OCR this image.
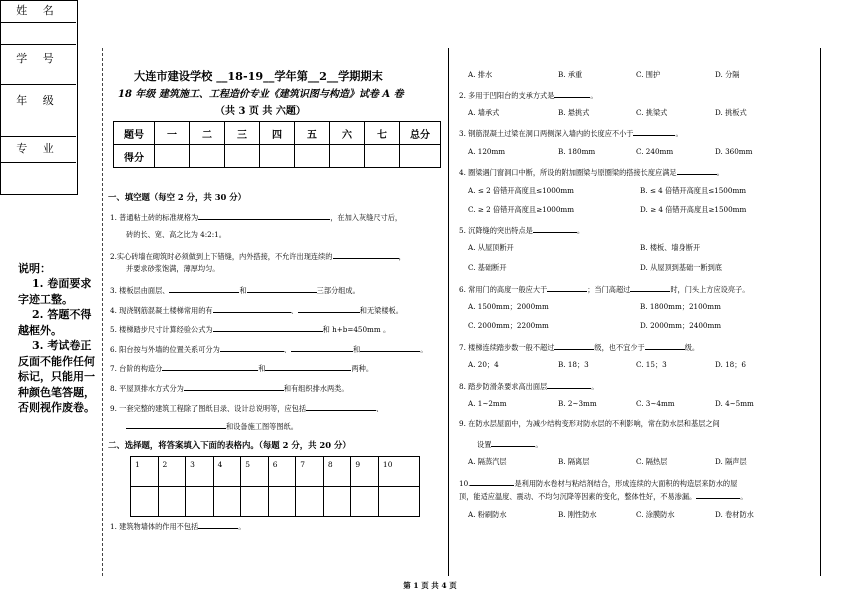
姓 名
学 号
年 级
专 业
说明：
1. 卷面要求字迹工整。
2. 答题不得越框外。
3. 考试卷正反面不能作任何标记，只能用一种颜色笔答题，否则视作废卷。
大连市建设学校 __18-19__学年第__2__学期期末
18 年级 建筑施工、工程造价专业《建筑识图与构造》试卷 A 卷
（共 3 页 共 六题）
题号	一	二	三	四	五	六	七	总分
得分								
一、填空题（每空 2 分，共 30 分）
1. 普通粘土砖的标准规格为	，在加入灰缝尺寸后，
砖的长、宽、高之比为 4:2:1。
2.实心砖墙在砌筑时必须做到上下错缝，内外搭接，不允许出现连续的	，
并要求砂浆饱满，薄厚均匀。
3. 楼板层由面层、	和	三部分组成。
4. 现浇钢筋混凝土楼梯常用的有	、	和无梁楼板。
5. 楼梯踏步尺寸计算经验公式为	和 h+b=450mm 。
6. 阳台按与外墙的位置关系可分为	、	和	。
7. 台阶的构造分	和	两种。
8. 平屋顶排水方式分为	和有组织排水两类。
9. 一套完整的建筑工程除了图纸目录、设计总说明等，应包括	、
和设备施工图等图纸。
二、选择题，将答案填入下面的表格内。（每题 2 分，共 20 分）
1	2	3	4	5	6	7	8	9	10

1. 建筑物墙体的作用不包括	。
A. 排水	B. 承重	C. 围护	D. 分隔
2. 多用于凹阳台的支承方式是	。
A. 墙承式	B. 悬挑式	C. 挑梁式	D. 挑板式
3. 钢筋混凝土过梁在洞口两侧深入墙内的长度应不小于	。
A. 120mm	B. 180mm	C. 240mm	D. 360mm
4. 圈梁遇门窗洞口中断，所设的附加圈梁与原圈梁的搭接长度应满足	。
A. ≤ 2 倍错开高度且≤1000mm	B. ≤ 4 倍错开高度且≤1500mm
C. ≥ 2 倍错开高度且≥1000mm	D. ≥ 4 倍错开高度且≥1500mm
5. 沉降缝的突出特点是	。
A. 从屋顶断开	B. 楼板、墙身断开
C. 基础断开	D. 从屋顶到基础一断到底
6. 常用门的高度一般应大于	；当门高超过	时，门头上方应设亮子。
A. 1500mm；2000mm	B. 1800mm；2100mm
C. 2000mm；2200mm	D. 2000mm；2400mm
7. 楼梯连续踏步数一般不超过	级，也不宜少于	级。
A. 20；4	B. 18；3	C. 15；3	D. 18；6
8. 踏步防滑条要求高出面层	。
A. 1~2mm	B. 2~3mm	C. 3~4mm	D. 4~5mm
9. 在防水层屋面中，为减少结构变形对防水层的不利影响，常在防水层和基层之间
设置	。
A. 隔蒸汽层	B. 隔离层	C. 隔热层	D. 隔声层
10.	是利用防水卷材与粘结剂结合，形成连续的大面积的构造层来防水的屋
顶，能适应温度、震动、不均匀沉降等因素的变化，整体性好，不易渗漏。	。
A. 粉刷防水	B. 刚性防水	C. 涂膜防水	D. 卷材防水
第 1 页 共 4 页
